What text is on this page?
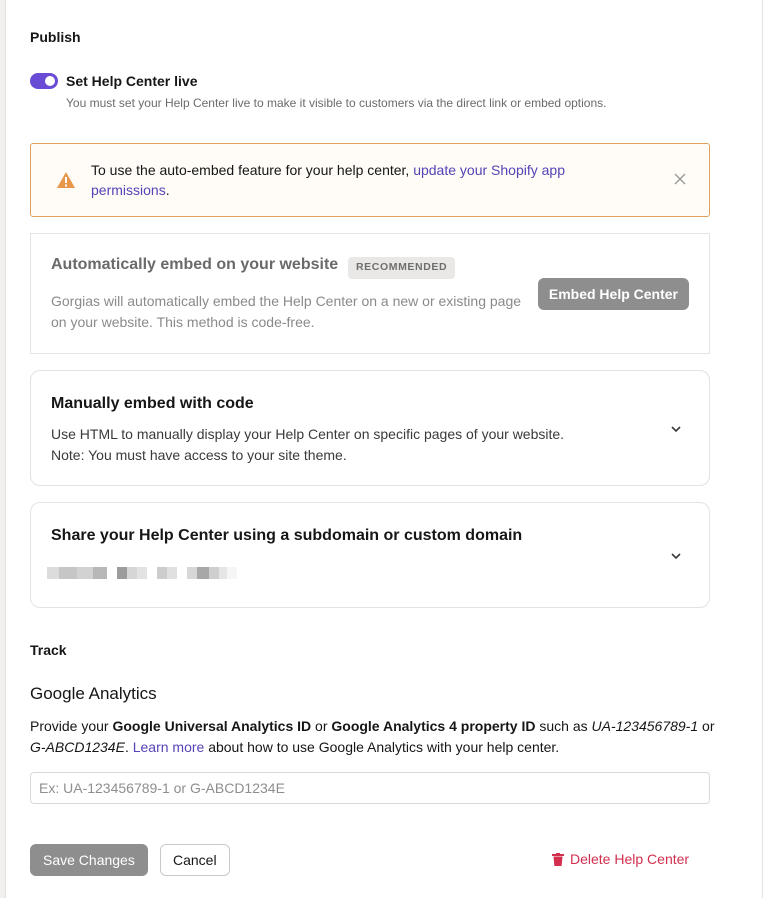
Publish
Set Help Center live
You must set your Help Center live to make it visible to customers via the direct link or embed options.
To use the auto-embed feature for your help center, update your Shopify app permissions.
Automatically embed on your website	RECOMMENDED
Gorgias will automatically embed the Help Center on a new or existing page on your website. This method is code-free.
Embed Help Center
Manually embed with code
Use HTML to manually display your Help Center on specific pages of your website.
Note: You must have access to your site theme.
Share your Help Center using a subdomain or custom domain
Track
Google Analytics
Provide your Google Universal Analytics ID or Google Analytics 4 property ID such as UA-123456789-1 or G-ABCD1234E. Learn more about how to use Google Analytics with your help center.
Ex: UA-123456789-1 or G-ABCD1234E
Save Changes	Cancel	Delete Help Center
